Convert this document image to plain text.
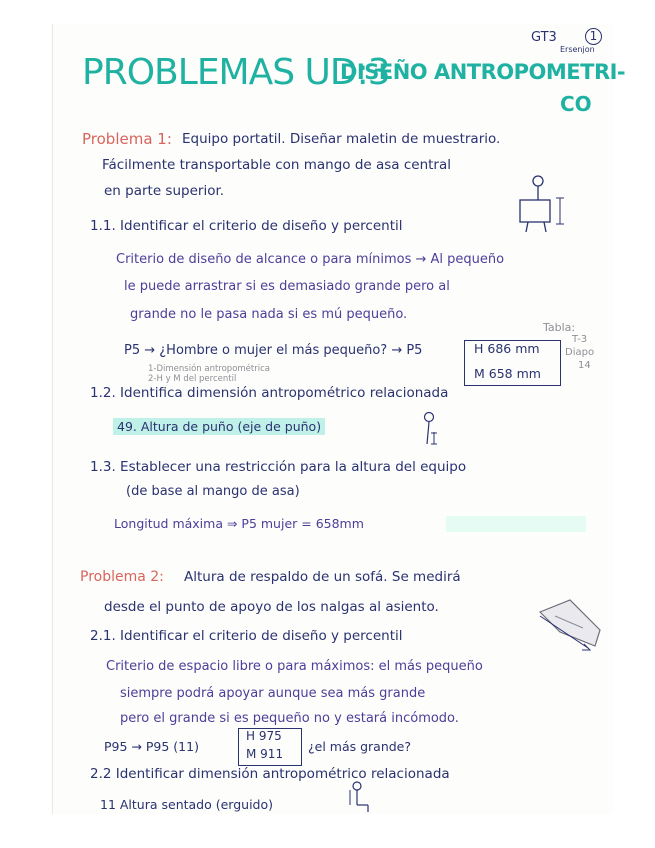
GT3	1
Ersenjon
PROBLEMAS UD:3
DISEÑO ANTROPOMETRI-
CO
Problema 1: Equipo portatil. Diseñar maletin de muestrario.
Fácilmente transportable con mango de asa central
en parte superior.
1.1. Identificar el criterio de diseño y percentil
Criterio de diseño de alcance o para mínimos → Al pequeño
le puede arrastrar si es demasiado grande pero al
grande no le pasa nada si es mú pequeño.
Tabla:
T-3
Diapo
14
P5 → ¿Hombre o mujer el más pequeño? → P5	H 686 mm
M 658 mm
1-Dimensión antropométrica
2-H y M del percentil
1.2. Identifica dimensión antropométrico relacionada
49. Altura de puño (eje de puño)
1.3. Establecer una restricción para la altura del equipo
(de base al mango de asa)
Longitud máxima ⇒ P5 mujer = 658mm
Problema 2: Altura de respaldo de un sofá. Se medirá
desde el punto de apoyo de los nalgas al asiento.
2.1. Identificar el criterio de diseño y percentil
Criterio de espacio libre o para máximos: el más pequeño
siempre podrá apoyar aunque sea más grande
pero el grande si es pequeño no y estará incómodo.
P95 → P95 (11)
H 975
M 911 ¿el más grande?
2.2 Identificar dimensión antropométrico relacionada
11 Altura sentado (erguido)
